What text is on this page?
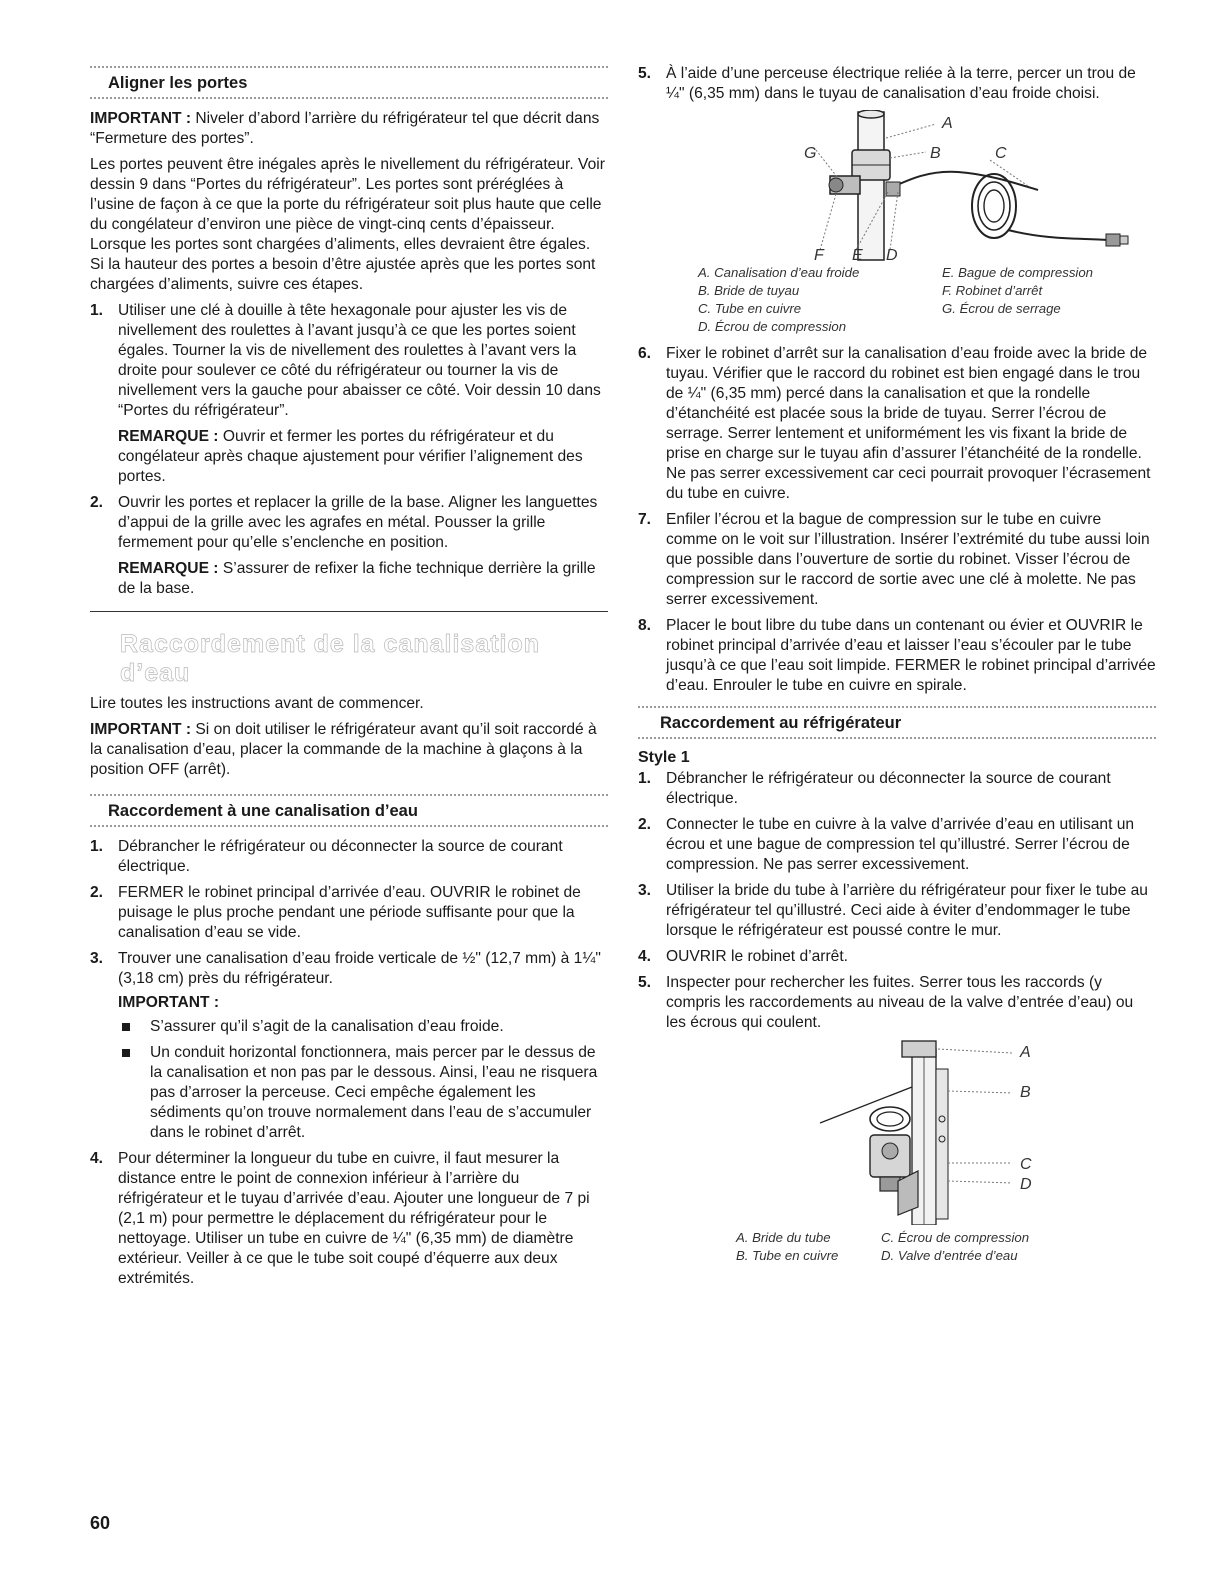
Aligner les portes

IMPORTANT : Niveler d’abord l’arrière du réfrigérateur tel que décrit dans “Fermeture des portes”.

Les portes peuvent être inégales après le nivellement du réfrigérateur. Voir dessin 9 dans “Portes du réfrigérateur”. Les portes sont préréglées à l’usine de façon à ce que la porte du réfrigérateur soit plus haute que celle du congélateur d’environ une pièce de vingt-cinq cents d’épaisseur. Lorsque les portes sont chargées d’aliments, elles devraient être égales. Si la hauteur des portes a besoin d’être ajustée après que les portes sont chargées d’aliments, suivre ces étapes.

1. Utiliser une clé à douille à tête hexagonale pour ajuster les vis de nivellement des roulettes à l’avant jusqu’à ce que les portes soient égales. Tourner la vis de nivellement des roulettes à l’avant vers la droite pour soulever ce côté du réfrigérateur ou tourner la vis de nivellement vers la gauche pour abaisser ce côté. Voir dessin 10 dans “Portes du réfrigérateur”.

REMARQUE : Ouvrir et fermer les portes du réfrigérateur et du congélateur après chaque ajustement pour vérifier l’alignement des portes.

2. Ouvrir les portes et replacer la grille de la base. Aligner les languettes d’appui de la grille avec les agrafes en métal. Pousser la grille fermement pour qu’elle s’enclenche en position.

REMARQUE : S’assurer de refixer la fiche technique derrière la grille de la base.

Raccordement de la canalisation d’eau

Lire toutes les instructions avant de commencer.

IMPORTANT : Si on doit utiliser le réfrigérateur avant qu’il soit raccordé à la canalisation d’eau, placer la commande de la machine à glaçons à la position OFF (arrêt).

Raccordement à une canalisation d’eau
1. Débrancher le réfrigérateur ou déconnecter la source de courant électrique.
2. FERMER le robinet principal d’arrivée d’eau. OUVRIR le robinet de puisage le plus proche pendant une période suffisante pour que la canalisation d’eau se vide.
3. Trouver une canalisation d’eau froide verticale de ½" (12,7 mm) à 1¼" (3,18 cm) près du réfrigérateur.

IMPORTANT :

S’assurer qu’il s’agit de la canalisation d’eau froide.
Un conduit horizontal fonctionnera, mais percer par le dessus de la canalisation et non pas par le dessous. Ainsi, l’eau ne risquera pas d’arroser la perceuse. Ceci empêche également les sédiments qu’on trouve normalement dans l’eau de s’accumuler dans le robinet d’arrêt.
4. Pour déterminer la longueur du tube en cuivre, il faut mesurer la distance entre le point de connexion inférieur à l’arrière du réfrigérateur et le tuyau d’arrivée d’eau. Ajouter une longueur de 7 pi (2,1 m) pour permettre le déplacement du réfrigérateur pour le nettoyage. Utiliser un tube en cuivre de ¼" (6,35 mm) de diamètre extérieur. Veiller à ce que le tube soit coupé d’équerre aux deux extrémités.
5. À l’aide d’une perceuse électrique reliée à la terre, percer un trou de ¼" (6,35 mm) dans le tuyau de canalisation d’eau froide choisi.
A
B	C
G
F E D
A. Canalisation d’eau froide	E. Bague de compression
B. Bride de tuyau	F. Robinet d’arrêt
C. Tube en cuivre	G. Écrou de serrage
D. Écrou de compression
6. Fixer le robinet d’arrêt sur la canalisation d’eau froide avec la bride de tuyau. Vérifier que le raccord du robinet est bien engagé dans le trou de ¼" (6,35 mm) percé dans la canalisation et que la rondelle d’étanchéité est placée sous la bride de tuyau. Serrer l’écrou de serrage. Serrer lentement et uniformément les vis fixant la bride de prise en charge sur le tuyau afin d’assurer l’étanchéité de la rondelle. Ne pas serrer excessivement car ceci pourrait provoquer l’écrasement du tube en cuivre.
7. Enfiler l’écrou et la bague de compression sur le tube en cuivre comme on le voit sur l’illustration. Insérer l’extrémité du tube aussi loin que possible dans l’ouverture de sortie du robinet. Visser l’écrou de compression sur le raccord de sortie avec une clé à molette. Ne pas serrer excessivement.
8. Placer le bout libre du tube dans un contenant ou évier et OUVRIR le robinet principal d’arrivée d’eau et laisser l’eau s’écouler par le tube jusqu’à ce que l’eau soit limpide. FERMER le robinet principal d’arrivée d’eau. Enrouler le tube en cuivre en spirale.
Raccordement au réfrigérateur
Style 1
1. Débrancher le réfrigérateur ou déconnecter la source de courant électrique.
2. Connecter le tube en cuivre à la valve d’arrivée d’eau en utilisant un écrou et une bague de compression tel qu’illustré. Serrer l’écrou de compression. Ne pas serrer excessivement.
3. Utiliser la bride du tube à l’arrière du réfrigérateur pour fixer le tube au réfrigérateur tel qu’illustré. Ceci aide à éviter d’endommager le tube lorsque le réfrigérateur est poussé contre le mur.
4. OUVRIR le robinet d’arrêt.
5. Inspecter pour rechercher les fuites. Serrer tous les raccords (y compris les raccordements au niveau de la valve d’entrée d’eau) ou les écrous qui coulent.
A
B
C
D
A. Bride du tube	C. Écrou de compression
B. Tube en cuivre	D. Valve d’entrée d’eau
60
